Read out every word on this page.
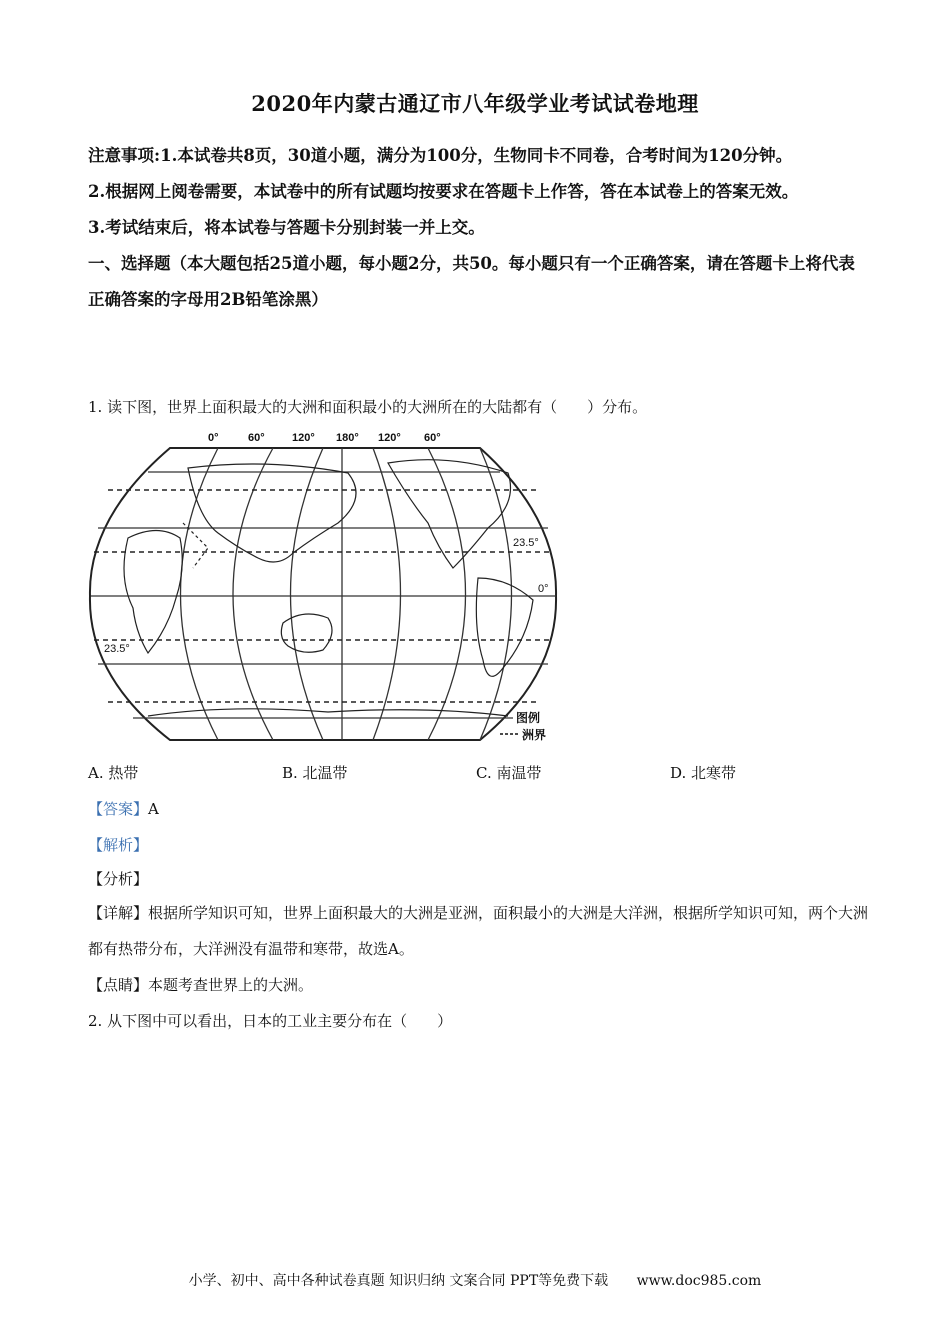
2020年内蒙古通辽市八年级学业考试试卷地理

注意事项:1.本试卷共8页，30道小题，满分为100分，生物同卡不同卷，合考时间为120分钟。

2.根据网上阅卷需要，本试卷中的所有试题均按要求在答题卡上作答，答在本试卷上的答案无效。

3.考试结束后，将本试卷与答题卡分别封装一并上交。

一、选择题（本大题包括25道小题，每小题2分，共50。每小题只有一个正确答案，请在答题卡上将代表正确答案的字母用2B铅笔涂黑）

1. 读下图，世界上面积最大的大洲和面积最小的大洲所在的大陆都有（　　）分布。
0°	60° 120° 180° 120° 60°
23.5°
23.5°
0°
图例
洲界
A. 热带	B. 北温带	C. 南温带	D. 北寒带
【答案】A
【解析】
【分析】
【详解】根据所学知识可知，世界上面积最大的大洲是亚洲，面积最小的大洲是大洋洲，根据所学知识可知，两个大洲都有热带分布，大洋洲没有温带和寒带，故选A。
【点睛】本题考查世界上的大洲。
2. 从下图中可以看出，日本的工业主要分布在（　　）
小学、初中、高中各种试卷真题 知识归纳 文案合同 PPT等免费下载 www.doc985.com
